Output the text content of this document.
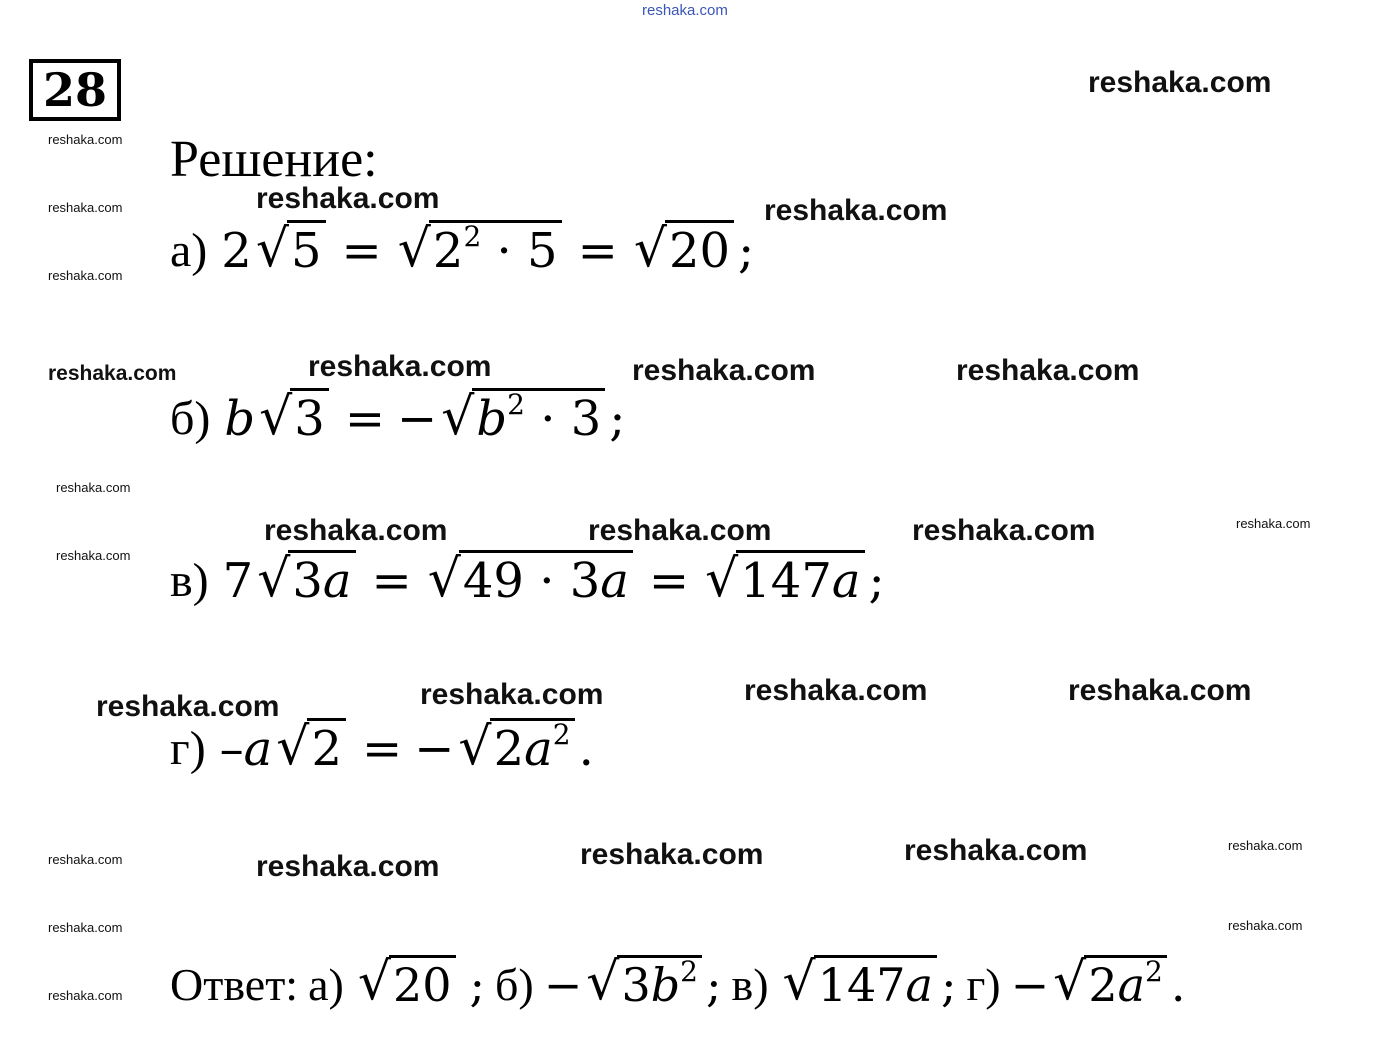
reshaka.com
28
Решение:
а) 2 √ 5 = √ $2^2 \cdot 5$ = √ 20 ;
б) b √ 3 = − √ $b^2 \cdot 3$ ;
в) 7 √ 3a = √ 49 · 3a = √ 147a ;
г) – a √ 2 = − √ $2a^2$ .
Ответ: а) √ 20 ; б) − √ $3b^2$ ; в) √ 147a ; г) − √ $2a^2$ .
reshaka.com
reshaka.com
reshaka.com
reshaka.com
reshaka.com	reshaka.com
reshaka.com	reshaka.com	reshaka.com	reshaka.com
reshaka.com
reshaka.com
reshaka.com
reshaka.com	reshaka.com	reshaka.com
reshaka.com	reshaka.com	reshaka.com	reshaka.com
reshaka.com	reshaka.com	reshaka.com	reshaka.com	reshaka.com
reshaka.com	reshaka.com
reshaka.com
